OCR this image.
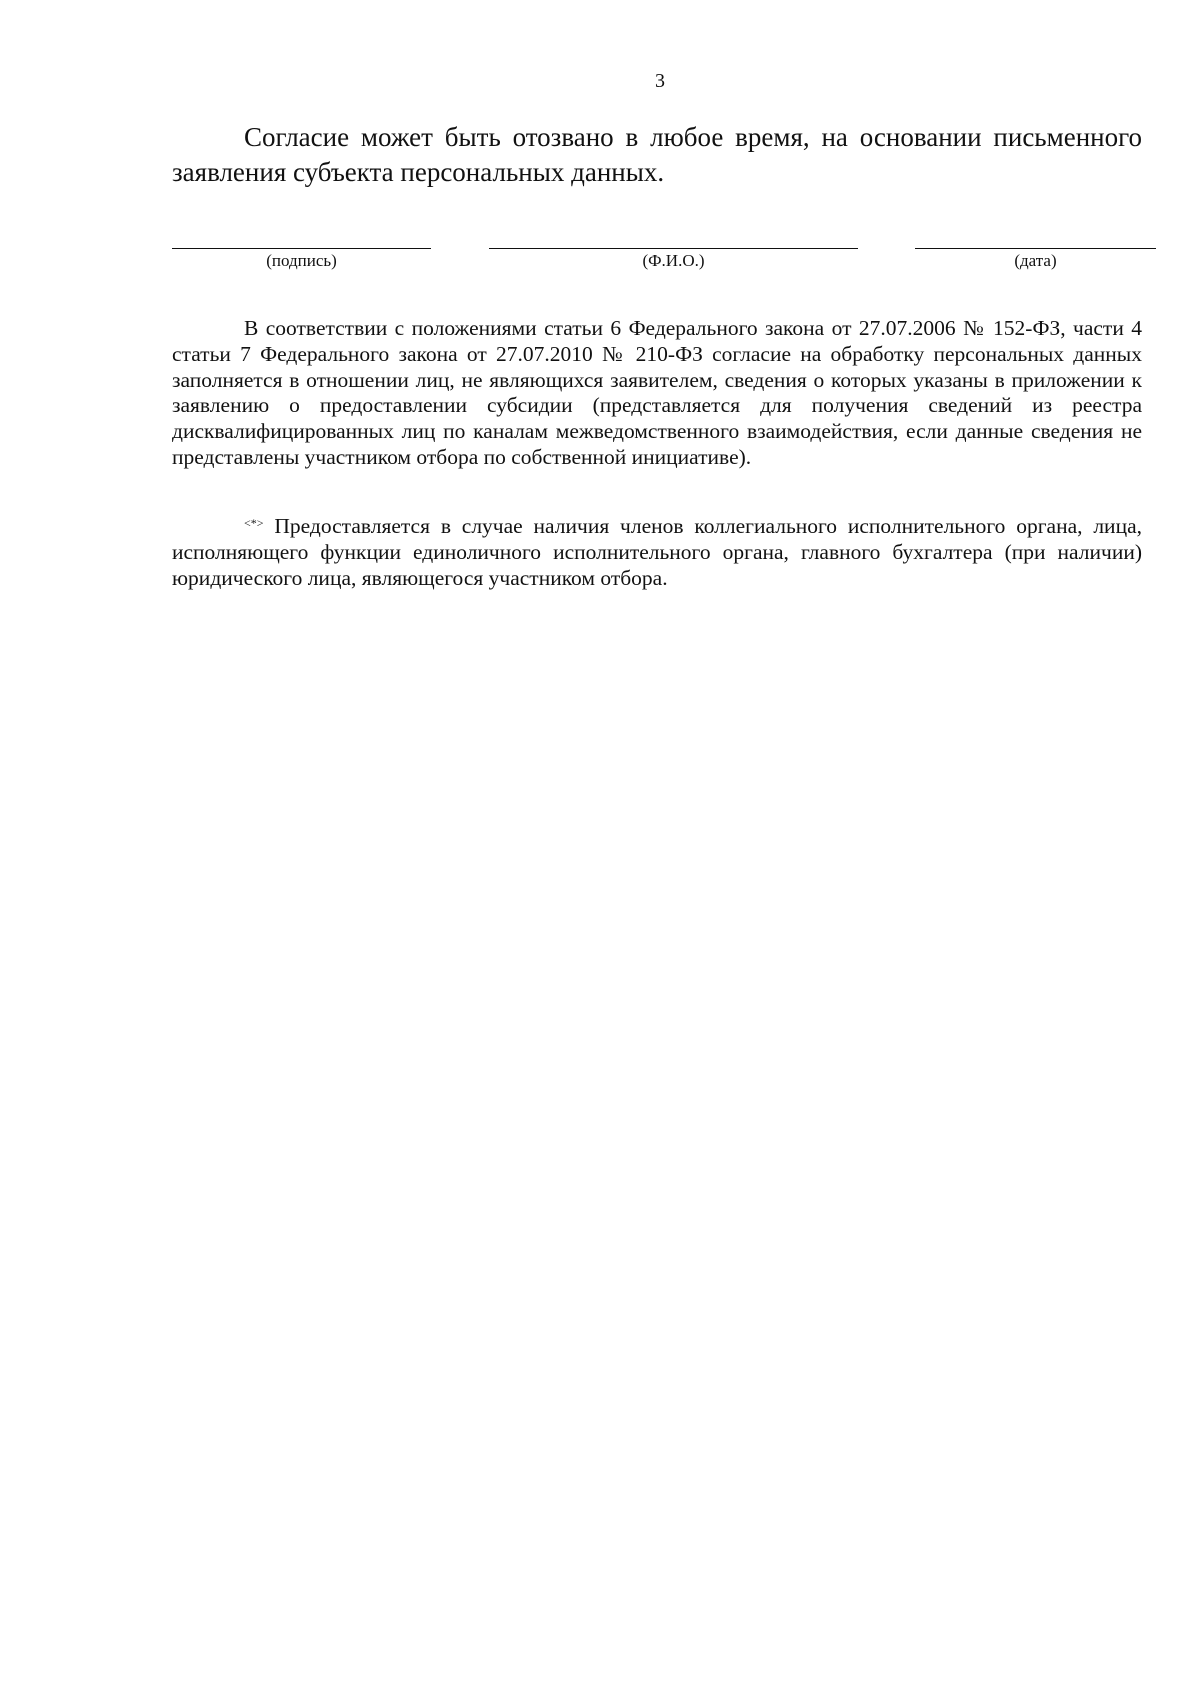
3

Согласие может быть отозвано в любое время, на основании письменного заявления субъекта персональных данных.

(подпись)	(Ф.И.О.)	(дата)

В соответствии с положениями статьи 6 Федерального закона от 27.07.2006 № 152-ФЗ, части 4 статьи 7 Федерального закона от 27.07.2010 № 210-ФЗ согласие на обработку персональных данных заполняется в отношении лиц, не являющихся заявителем, сведения о которых указаны в приложении к заявлению о предоставлении субсидии (представляется для получения сведений из реестра дисквалифицированных лиц по каналам межведомственного взаимодействия, если данные сведения не представлены участником отбора по собственной инициативе).

<*> Предоставляется в случае наличия членов коллегиального исполнительного органа, лица, исполняющего функции единоличного исполнительного органа, главного бухгалтера (при наличии) юридического лица, являющегося участником отбора.
